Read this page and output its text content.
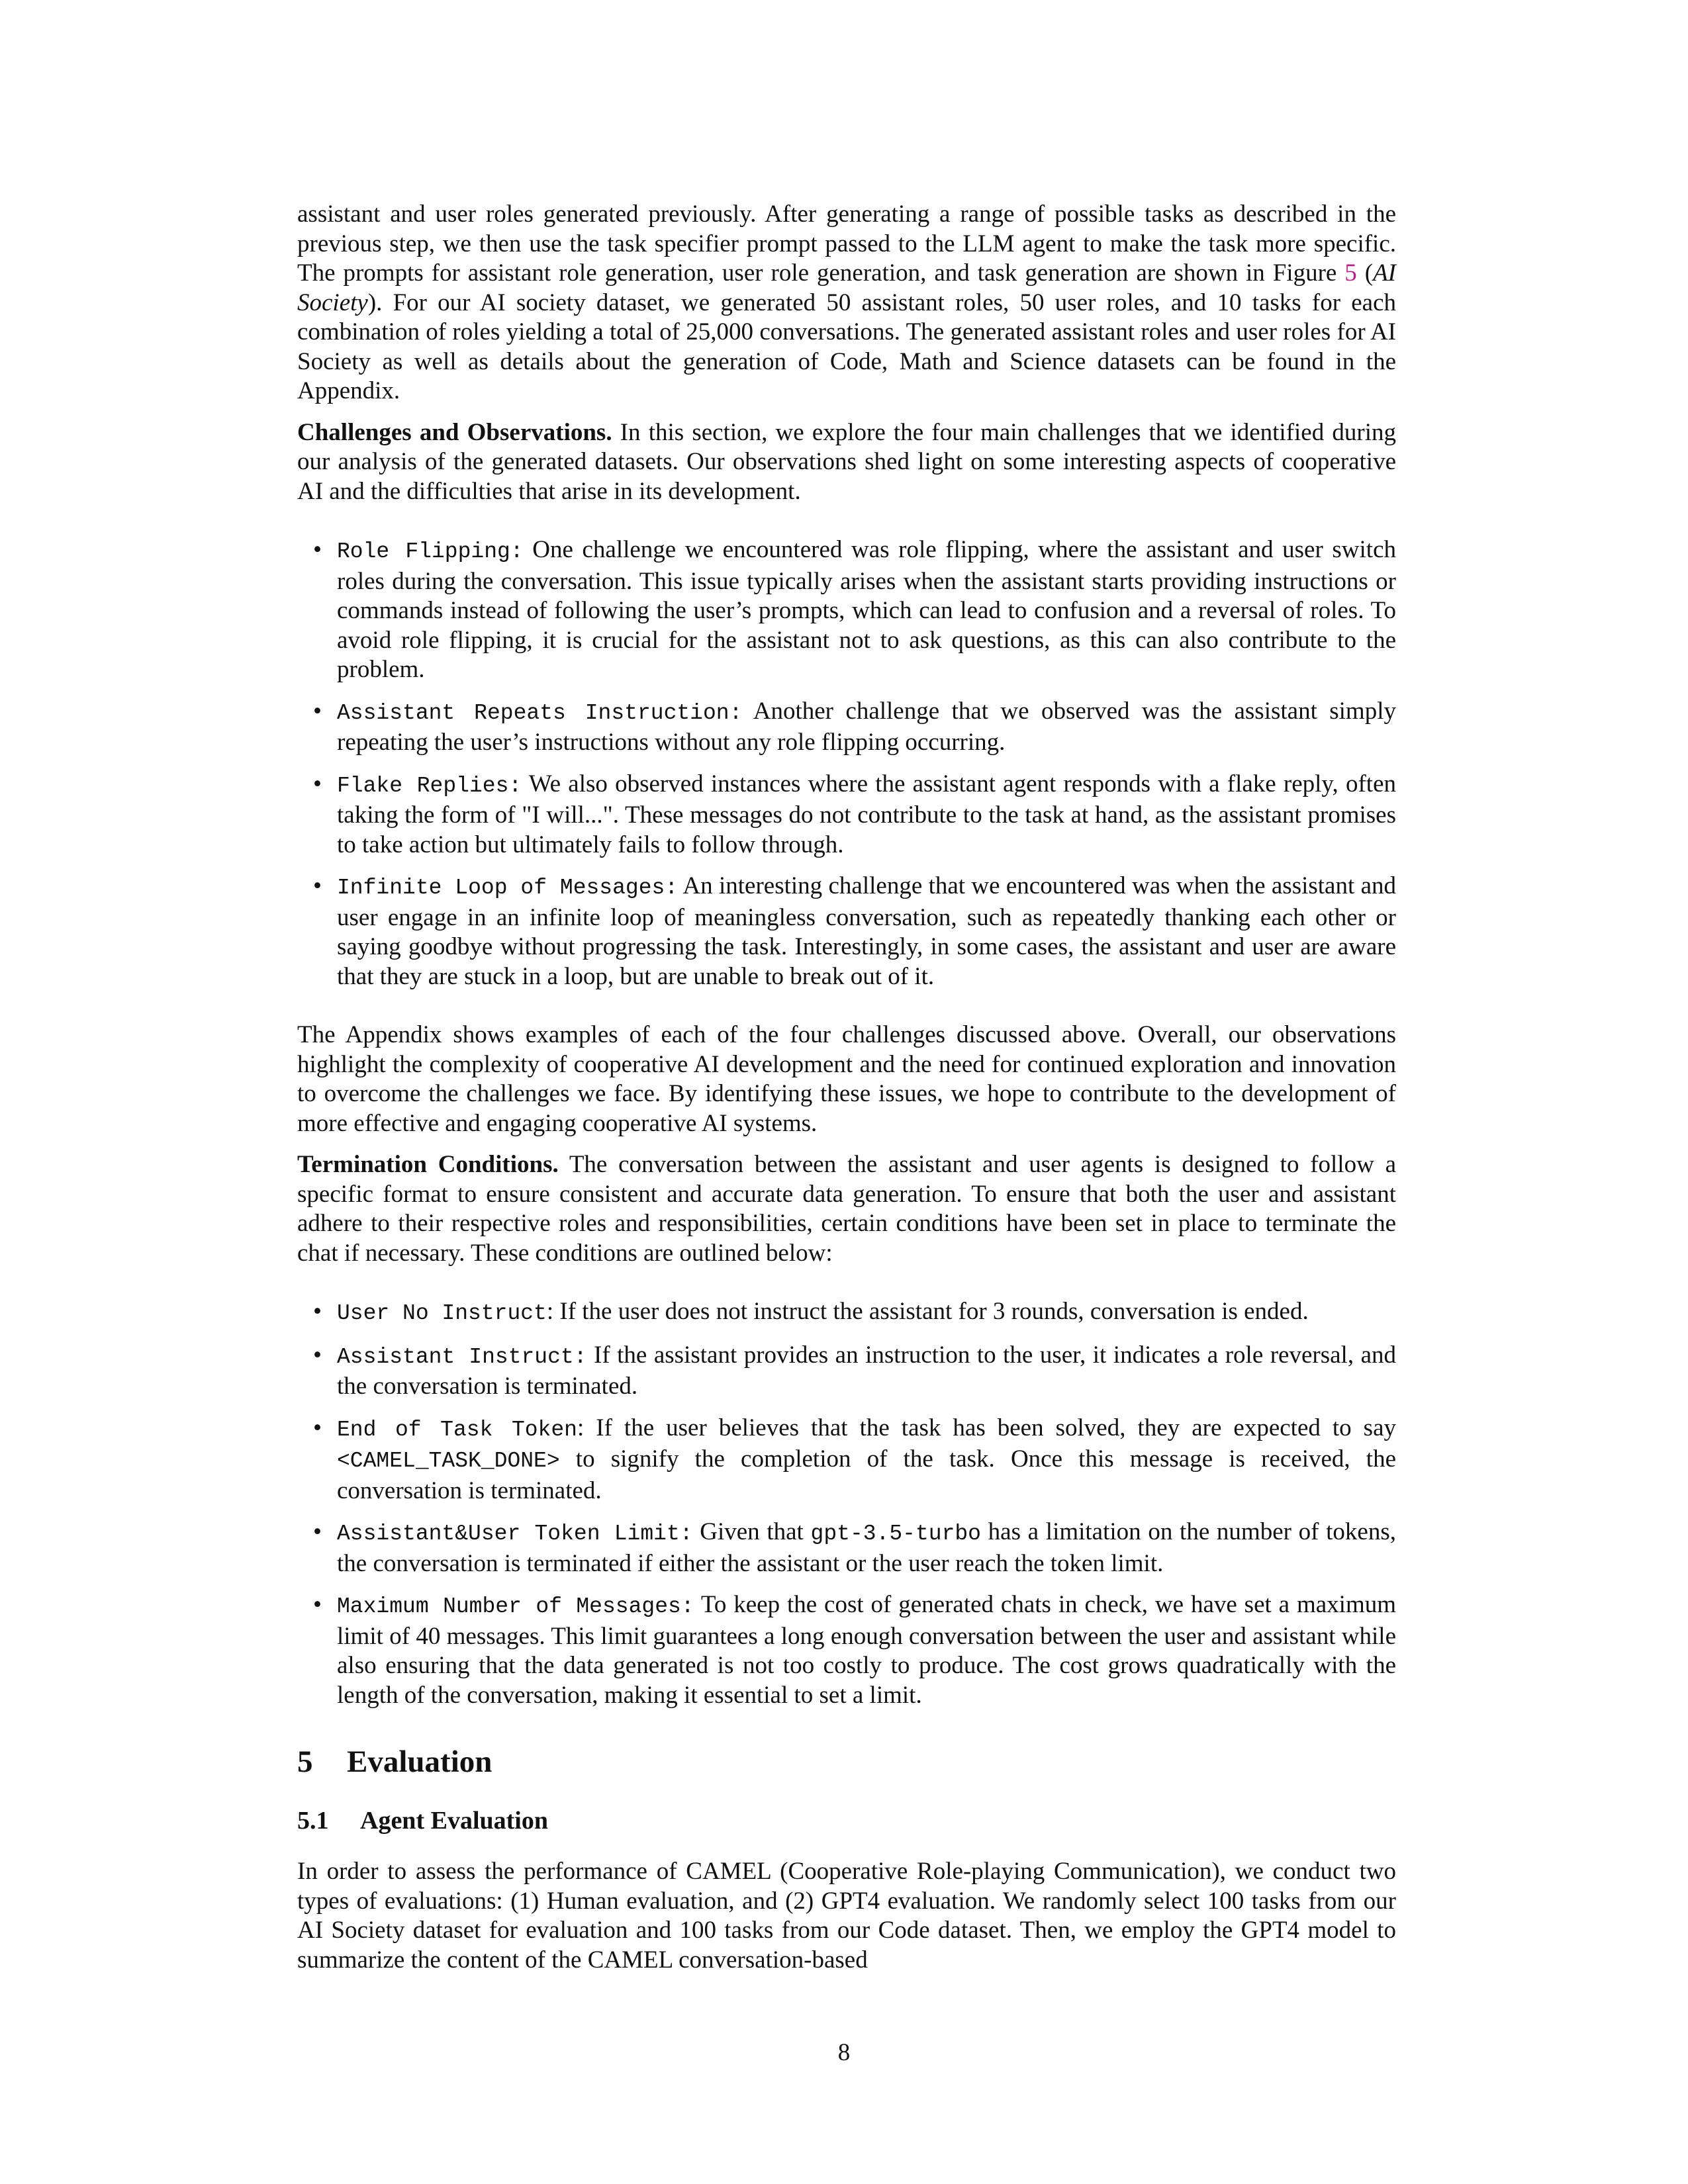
assistant and user roles generated previously. After generating a range of possible tasks as described in the previous step, we then use the task specifier prompt passed to the LLM agent to make the task more specific. The prompts for assistant role generation, user role generation, and task generation are shown in Figure 5 (AI Society). For our AI society dataset, we generated 50 assistant roles, 50 user roles, and 10 tasks for each combination of roles yielding a total of 25,000 conversations. The generated assistant roles and user roles for AI Society as well as details about the generation of Code, Math and Science datasets can be found in the Appendix.

Challenges and Observations. In this section, we explore the four main challenges that we identified during our analysis of the generated datasets. Our observations shed light on some interesting aspects of cooperative AI and the difficulties that arise in its development.

• Role Flipping: One challenge we encountered was role flipping, where the assistant and user switch roles during the conversation. This issue typically arises when the assistant starts providing instructions or commands instead of following the user’s prompts, which can lead to confusion and a reversal of roles. To avoid role flipping, it is crucial for the assistant not to ask questions, as this can also contribute to the problem.
• Assistant Repeats Instruction: Another challenge that we observed was the assistant simply repeating the user’s instructions without any role flipping occurring.
• Flake Replies: We also observed instances where the assistant agent responds with a flake reply, often taking the form of "I will...". These messages do not contribute to the task at hand, as the assistant promises to take action but ultimately fails to follow through.
• Infinite Loop of Messages: An interesting challenge that we encountered was when the assistant and user engage in an infinite loop of meaningless conversation, such as repeatedly thanking each other or saying goodbye without progressing the task. Interestingly, in some cases, the assistant and user are aware that they are stuck in a loop, but are unable to break out of it.

The Appendix shows examples of each of the four challenges discussed above. Overall, our observations highlight the complexity of cooperative AI development and the need for continued exploration and innovation to overcome the challenges we face. By identifying these issues, we hope to contribute to the development of more effective and engaging cooperative AI systems.

Termination Conditions. The conversation between the assistant and user agents is designed to follow a specific format to ensure consistent and accurate data generation. To ensure that both the user and assistant adhere to their respective roles and responsibilities, certain conditions have been set in place to terminate the chat if necessary. These conditions are outlined below:

• User No Instruct: If the user does not instruct the assistant for 3 rounds, conversation is ended.
• Assistant Instruct: If the assistant provides an instruction to the user, it indicates a role reversal, and the conversation is terminated.
• End of Task Token: If the user believes that the task has been solved, they are expected to say <CAMEL_TASK_DONE> to signify the completion of the task. Once this message is received, the conversation is terminated.
• Assistant&User Token Limit: Given that gpt-3.5-turbo has a limitation on the number of tokens, the conversation is terminated if either the assistant or the user reach the token limit.
• Maximum Number of Messages: To keep the cost of generated chats in check, we have set a maximum limit of 40 messages. This limit guarantees a long enough conversation between the user and assistant while also ensuring that the data generated is not too costly to produce. The cost grows quadratically with the length of the conversation, making it essential to set a limit.
5 Evaluation
5.1 Agent Evaluation

In order to assess the performance of CAMEL (Cooperative Role-playing Communication), we conduct two types of evaluations: (1) Human evaluation, and (2) GPT4 evaluation. We randomly select 100 tasks from our AI Society dataset for evaluation and 100 tasks from our Code dataset. Then, we employ the GPT4 model to summarize the content of the CAMEL conversation-based

8
